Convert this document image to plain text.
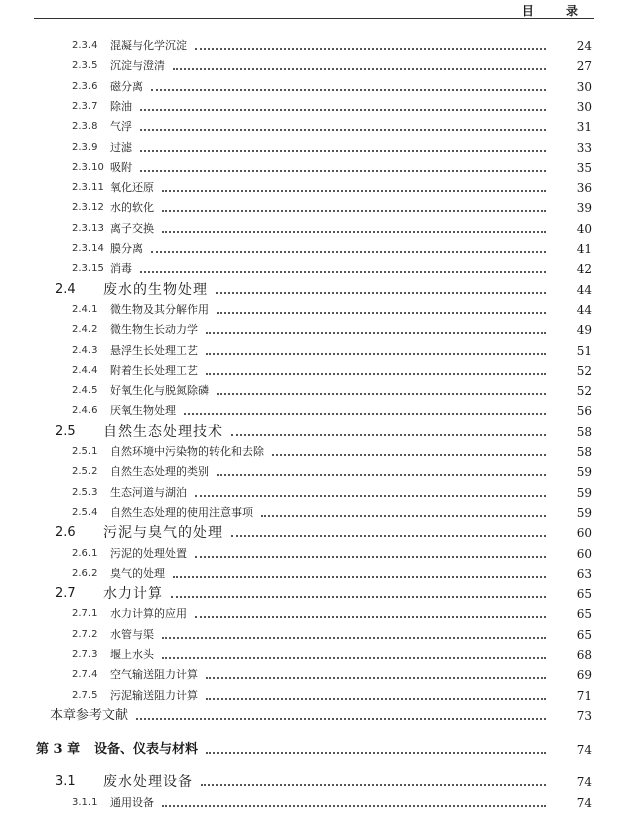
目 录
2.3.4	混凝与化学沉淀	24
2.3.5	沉淀与澄清	27
2.3.6	磁分离	30
2.3.7	除油	30
2.3.8	气浮	31
2.3.9	过滤	33
2.3.10 吸附	35
2.3.11 氧化还原	36
2.3.12 水的软化	39
2.3.13 离子交换	40
2.3.14 膜分离	41
2.3.15 消毒	42
2.4	废水的生物处理	44
2.4.1	微生物及其分解作用	44
2.4.2	微生物生长动力学	49
2.4.3	悬浮生长处理工艺	51
2.4.4	附着生长处理工艺	52
2.4.5	好氧生化与脱氮除磷	52
2.4.6	厌氧生物处理	56
2.5	自然生态处理技术	58
2.5.1	自然环境中污染物的转化和去除	58
2.5.2	自然生态处理的类别	59
2.5.3	生态河道与湖泊	59
2.5.4	自然生态处理的使用注意事项	59
2.6	污泥与臭气的处理	60
2.6.1	污泥的处理处置	60
2.6.2	臭气的处理	63
2.7	水力计算	65
2.7.1	水力计算的应用	65
2.7.2	水管与渠	65
2.7.3	堰上水头	68
2.7.4	空气输送阻力计算	69
2.7.5	污泥输送阻力计算	71
本章参考文献	73
第 3 章	设备、仪表与材料	74
3.1	废水处理设备	74
3.1.1	通用设备	74
